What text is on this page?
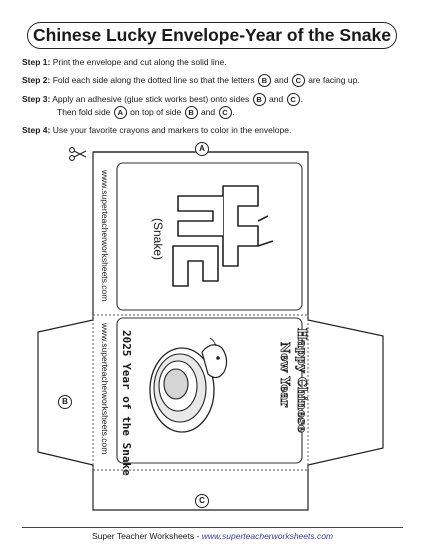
Chinese Lucky Envelope-Year of the Snake
Step 1: Print the envelope and cut along the solid line.
Step 2: Fold each side along the dotted line so that the letters B and C are facing up.
Step 3: Apply an adhesive (glue stick works best) onto sides B and C .
Then fold side A on top of side B and C .
Step 4: Use your favorite crayons and markers to color in the envelope.
A
B
C
www.superteacherworksheets.com
www.superteacherworksheets.com
(Snake)
2025 Year of the Snake	Happy Chinese
New Year
Super Teacher Worksheets - www.superteacherworksheets.com
